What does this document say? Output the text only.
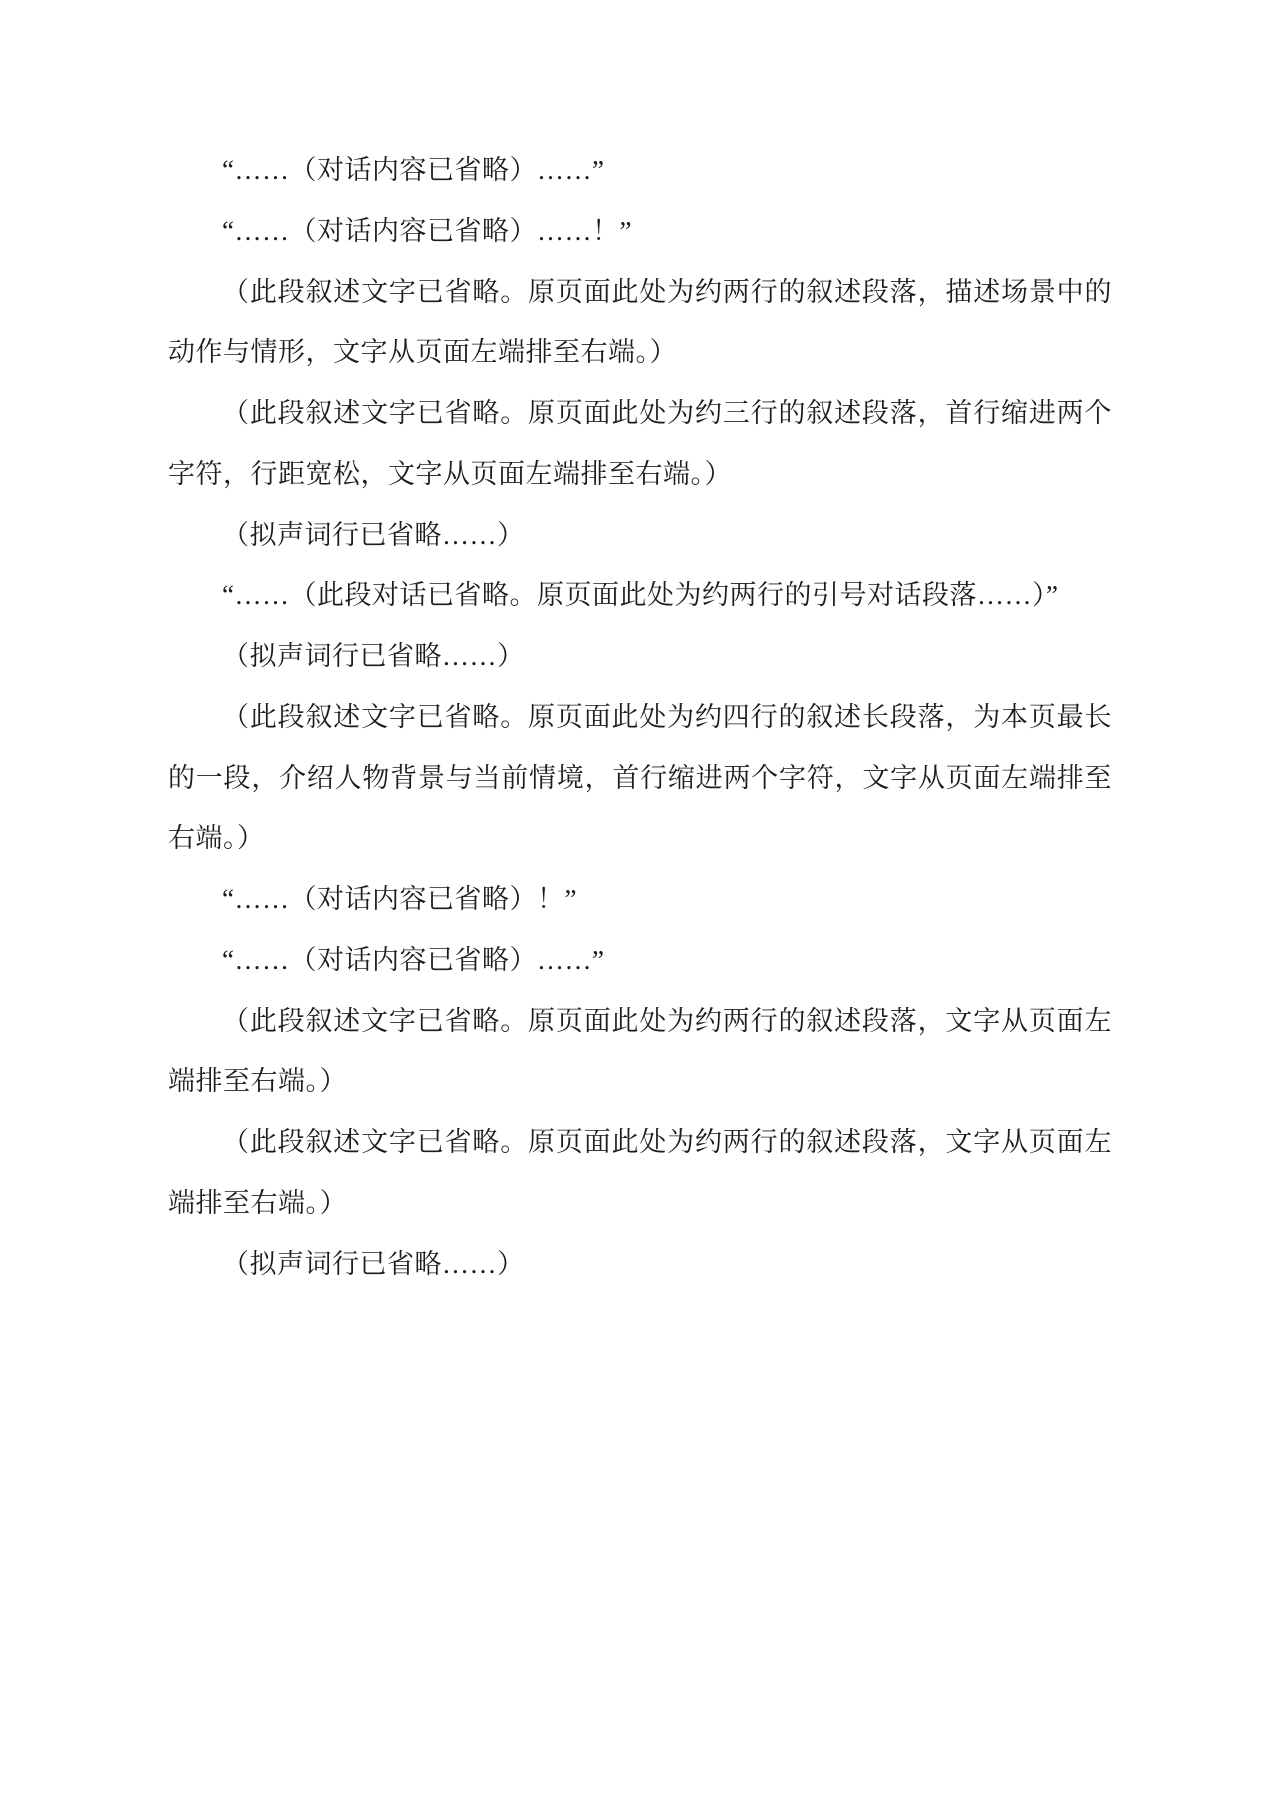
“……（对话内容已省略）……”

“……（对话内容已省略）……！”

（此段叙述文字已省略。原页面此处为约两行的叙述段落，描述场景中的动作与情形，文字从页面左端排至右端。）

（此段叙述文字已省略。原页面此处为约三行的叙述段落，首行缩进两个字符，行距宽松，文字从页面左端排至右端。）

（拟声词行已省略……）

“……（此段对话已省略。原页面此处为约两行的引号对话段落……）”

（拟声词行已省略……）

（此段叙述文字已省略。原页面此处为约四行的叙述长段落，为本页最长的一段，介绍人物背景与当前情境，首行缩进两个字符，文字从页面左端排至右端。）

“……（对话内容已省略）！”

“……（对话内容已省略）……”

（此段叙述文字已省略。原页面此处为约两行的叙述段落，文字从页面左端排至右端。）

（此段叙述文字已省略。原页面此处为约两行的叙述段落，文字从页面左端排至右端。）

（拟声词行已省略……）
